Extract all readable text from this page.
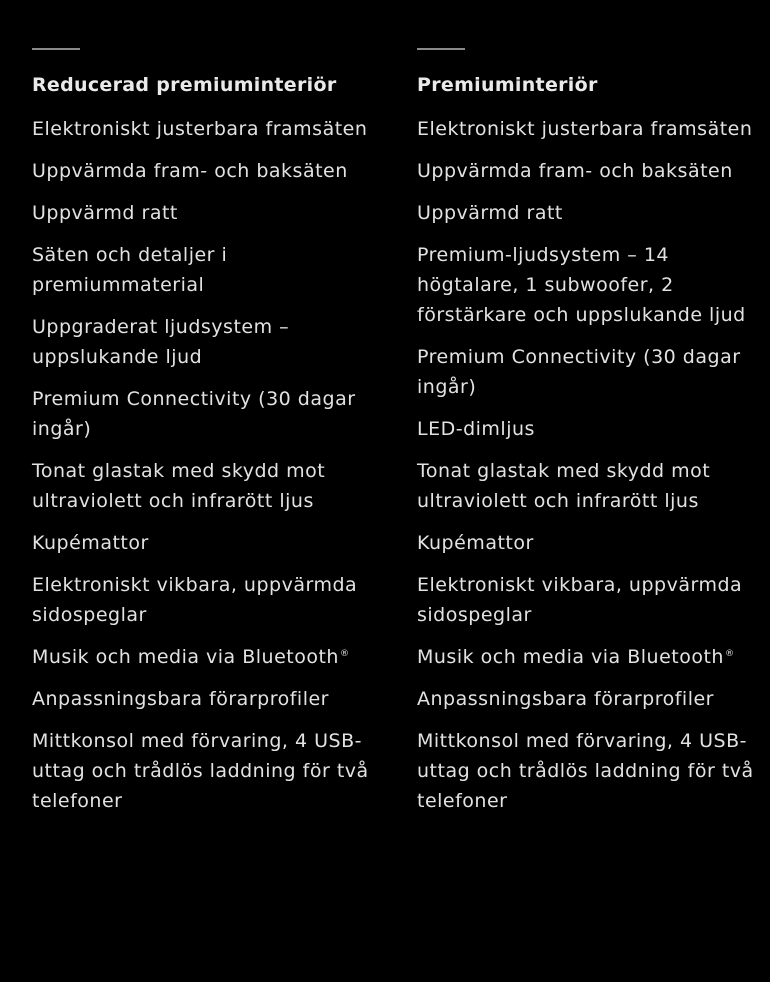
Reducerad premiuminteriör
Elektroniskt justerbara framsäten
Uppvärmda fram- och baksäten
Uppvärmd ratt
Säten och detaljer i premiummaterial
Uppgraderat ljudsystem – uppslukande ljud
Premium Connectivity (30 dagar ingår)
Tonat glastak med skydd mot ultraviolett och infrarött ljus
Kupémattor
Elektroniskt vikbara, uppvärmda sidospeglar
Musik och media via Bluetooth®
Anpassningsbara förarprofiler
Mittkonsol med förvaring, 4 USB-uttag och trådlös laddning för två telefoner
Premiuminteriör
Elektroniskt justerbara framsäten
Uppvärmda fram- och baksäten
Uppvärmd ratt
Premium-ljudsystem – 14 högtalare, 1 subwoofer, 2 förstärkare och uppslukande ljud
Premium Connectivity (30 dagar ingår)
LED-dimljus
Tonat glastak med skydd mot ultraviolett och infrarött ljus
Kupémattor
Elektroniskt vikbara, uppvärmda sidospeglar
Musik och media via Bluetooth®
Anpassningsbara förarprofiler
Mittkonsol med förvaring, 4 USB-uttag och trådlös laddning för två telefoner
